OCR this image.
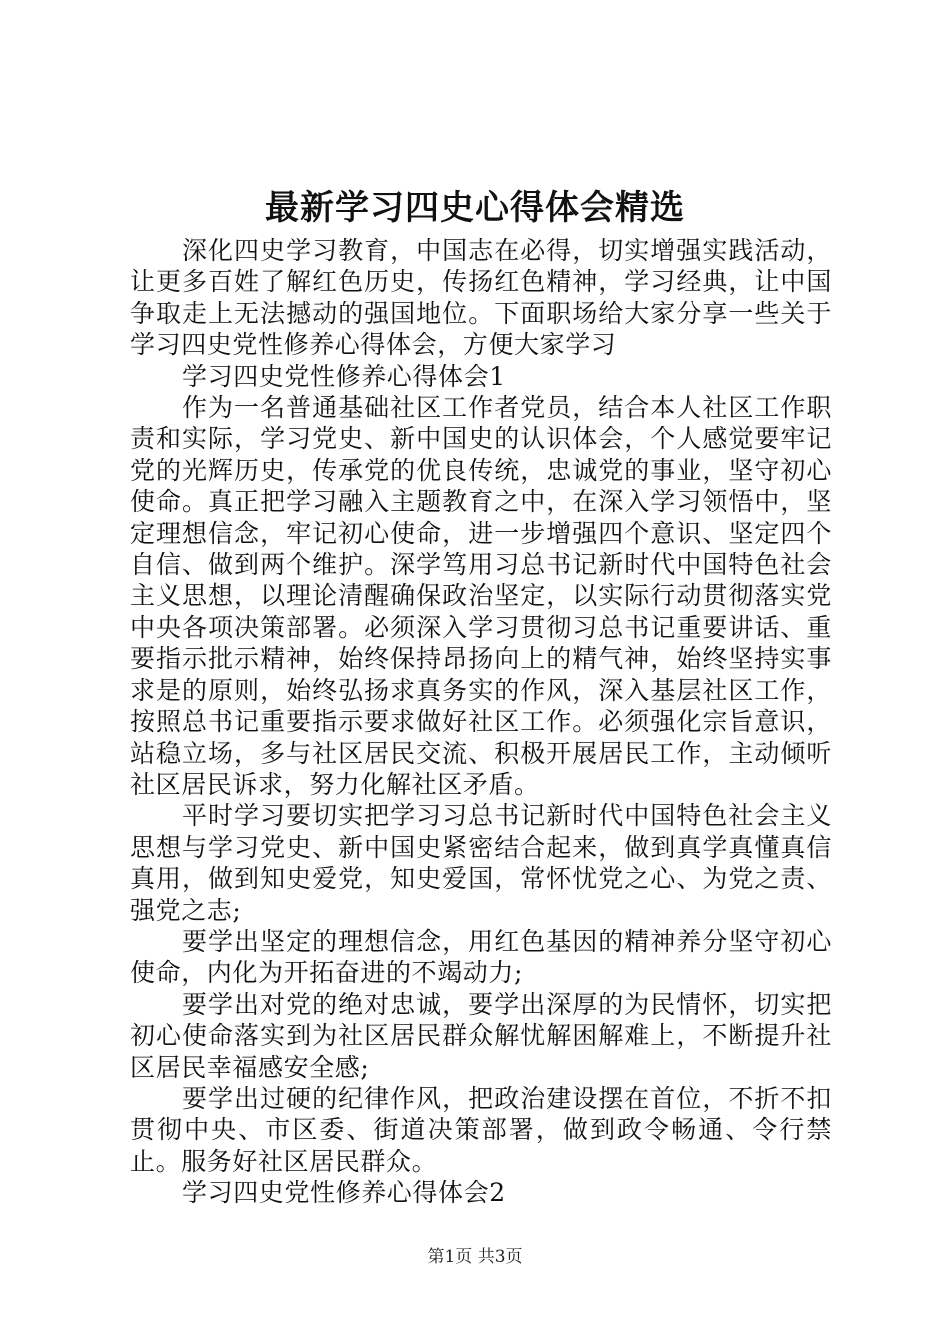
最新学习四史心得体会精选

深化四史学习教育，中国志在必得，切实增强实践活动，让更多百姓了解红色历史，传扬红色精神，学习经典，让中国争取走上无法撼动的强国地位。下面职场给大家分享一些关于学习四史党性修养心得体会，方便大家学习

学习四史党性修养心得体会1

作为一名普通基础社区工作者党员，结合本人社区工作职责和实际，学习党史、新中国史的认识体会，个人感觉要牢记党的光辉历史，传承党的优良传统，忠诚党的事业，坚守初心使命。真正把学习融入主题教育之中，在深入学习领悟中，坚定理想信念，牢记初心使命，进一步增强四个意识、坚定四个自信、做到两个维护。深学笃用习总书记新时代中国特色社会主义思想，以理论清醒确保政治坚定，以实际行动贯彻落实党中央各项决策部署。必须深入学习贯彻习总书记重要讲话、重要指示批示精神，始终保持昂扬向上的精气神，始终坚持实事求是的原则，始终弘扬求真务实的作风，深入基层社区工作，按照总书记重要指示要求做好社区工作。必须强化宗旨意识，站稳立场，多与社区居民交流、积极开展居民工作，主动倾听社区居民诉求，努力化解社区矛盾。

平时学习要切实把学习习总书记新时代中国特色社会主义思想与学习党史、新中国史紧密结合起来，做到真学真懂真信真用，做到知史爱党，知史爱国，常怀忧党之心、为党之责、强党之志;

要学出坚定的理想信念，用红色基因的精神养分坚守初心使命，内化为开拓奋进的不竭动力;

要学出对党的绝对忠诚，要学出深厚的为民情怀，切实把初心使命落实到为社区居民群众解忧解困解难上，不断提升社区居民幸福感安全感;

要学出过硬的纪律作风，把政治建设摆在首位，不折不扣贯彻中央、市区委、街道决策部署，做到政令畅通、令行禁止。服务好社区居民群众。

学习四史党性修养心得体会2

第1页 共3页
